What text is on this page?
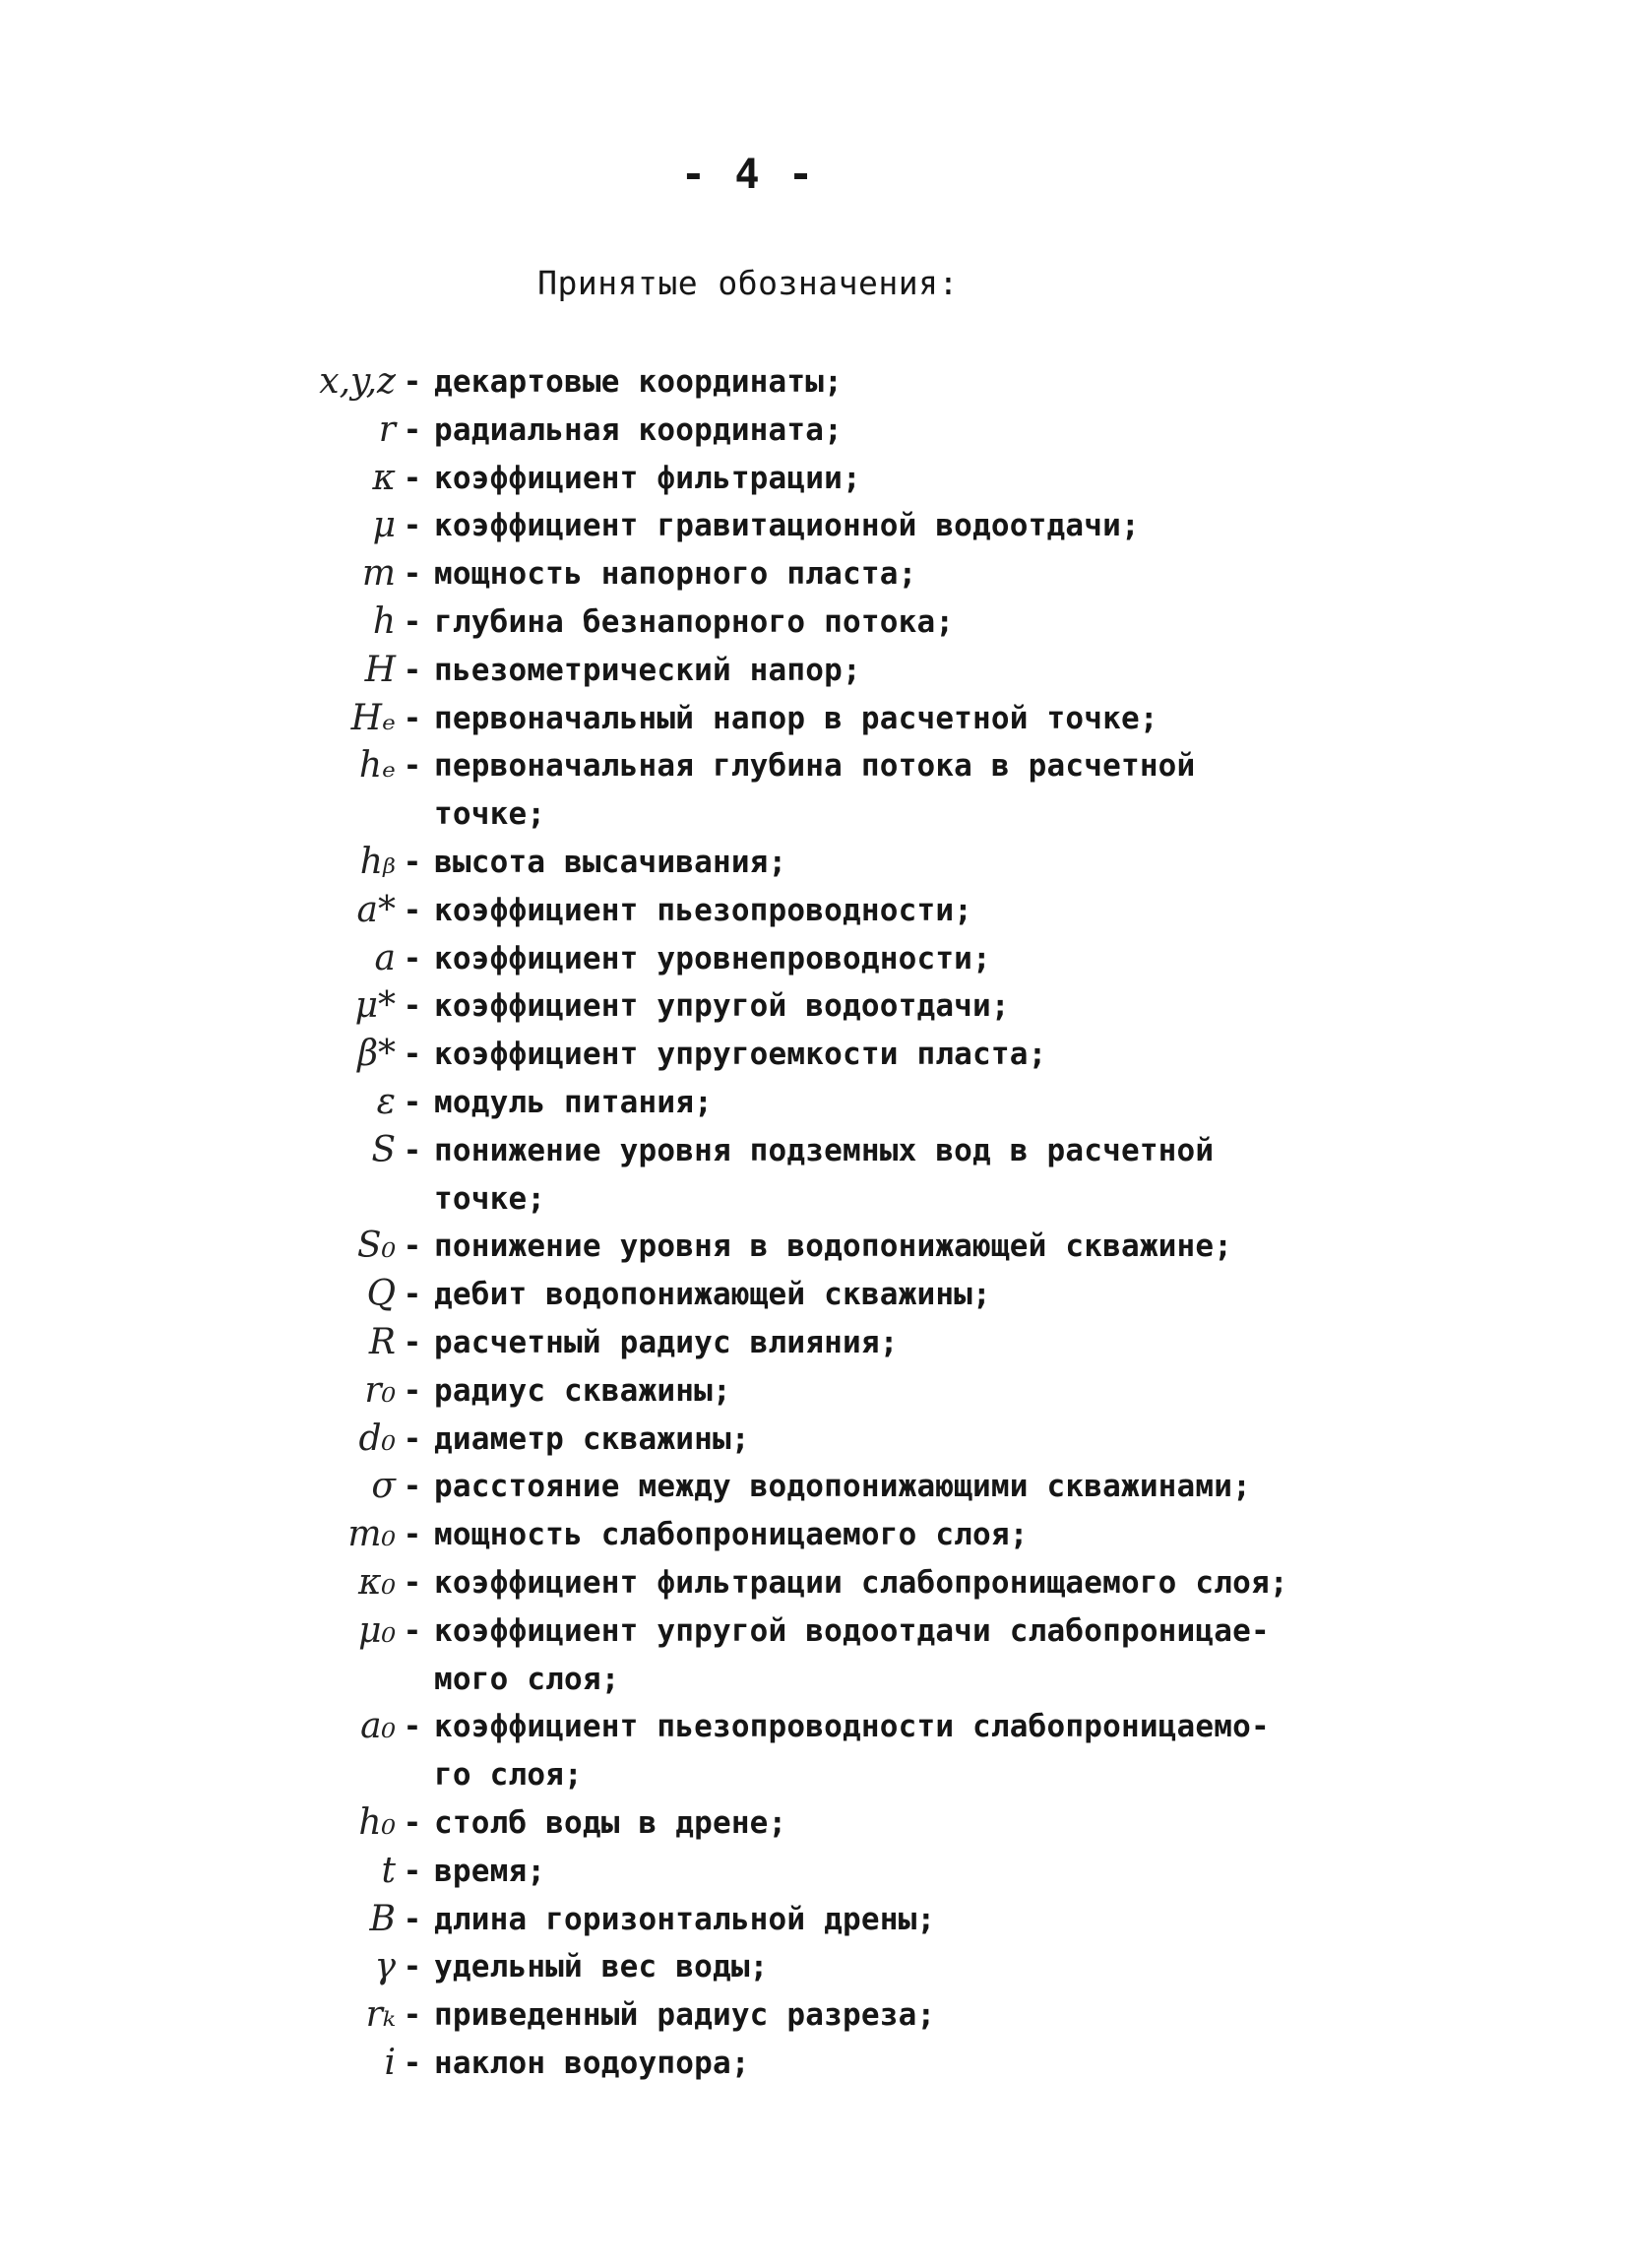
- 4 -
Принятые обозначения:
x,y,z - декартовые координаты;
r - радиальная координата;
κ - коэффициент фильтрации;
μ - коэффициент гравитационной водоотдачи;
m - мощность напорного пласта;
h - глубина безнапорного потока;
H - пьезометрический напор;
Hₑ - первоначальный напор в расчетной точке;
hₑ - первоначальная глубина потока в расчетной
точке;
hᵦ - высота высачивания;
a* - коэффициент пьезопроводности;
a - коэффициент уровнепроводности;
μ* - коэффициент упругой водоотдачи;
β* - коэффициент упругоемкости пласта;
ε - модуль питания;
S - понижение уровня подземных вод в расчетной
точке;
S₀ - понижение уровня в водопонижающей скважине;
Q - дебит водопонижающей скважины;
R - расчетный радиус влияния;
r₀ - радиус скважины;
d₀ - диаметр скважины;
σ - расстояние между водопонижающими скважинами;
m₀ - мощность слабопроницаемого слоя;
κ₀ - коэффициент фильтрации слабопронищаемого слоя;
μ₀ - коэффициент упругой водоотдачи слабопроницае-
мого слоя;
a₀ - коэффициент пьезопроводности слабопроницаемо-
го слоя;
h₀ - столб воды в дрене;
t - время;
B - длина горизонтальной дрены;
γ - удельный вес воды;
rₖ - приведенный радиус разреза;
i - наклон водоупора;
